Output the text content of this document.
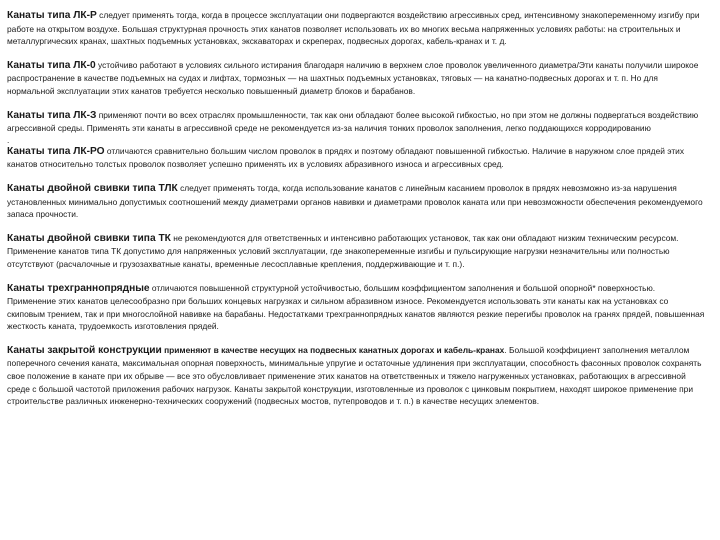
Канаты типа ЛК-Р следует применять тогда, когда в процессе эксплуатации они подвергаются воздействию агрессивных сред, интенсивному знакопеременному изгибу при работе на открытом воздухе. Большая структурная прочность этих канатов позволяет использовать их во многих весьма напряженных условиях работы: на строительных и металлургических кранах, шахтных подъемных установках, экскаваторах и скреперах, подвесных дорогах, кабель-кранах и т. д.

Канаты типа ЛК-0 устойчиво работают в условиях сильного истирания благодаря наличию в верхнем слое проволок увеличенного диаметра/Эти канаты получили широкое распространение в качестве подъемных на судах и лифтах, тормозных — на шахтных подъемных установках, тяговых — на канатно-подвесных дорогах и т. п. Но для нормальной эксплуатации этих канатов требуется несколько повышенный диаметр блоков и барабанов.

Канаты типа ЛК-З применяют почти во всех отраслях промышленности, так как они обладают более высокой гибкостью, но при этом не должны подвергаться воздействию агрессивной среды. Применять эти канаты в агрессивной среде не рекомендуется из-за наличия тонких проволок заполнения, легко поддающихся корродированию

.

Канаты типа ЛК-РО отличаются сравнительно большим числом проволок в прядях и поэтому обладают повышенной гибкостью. Наличие в наружном слое прядей этих канатов относительно толстых проволок позволяет успешно применять их в условиях абразивного износа и агрессивных сред.

Канаты двойной свивки типа ТЛК следует применять тогда, когда использование канатов с линейным касанием проволок в прядях невозможно из-за нарушения установленных минимально допустимых соотношений между диаметрами органов навивки и диаметрами проволок каната или при невозможности обеспечения рекомендуемого запаса прочности.

Канаты двойной свивки типа ТК не рекомендуются для ответственных и интенсивно работающих установок, так как они обладают низким техническим ресурсом. Применение канатов типа ТК допустимо для напряженных условий эксплуатации, где знакопеременные изгибы и пульсирующие нагрузки незначительны или полностью отсутствуют (расчалочные и грузозахватные канаты, временные лесосплавные крепления, поддерживающие и т. п.).

Канаты трехграннопрядные отличаются повышенной структурной устойчивостью, большим коэффициентом заполнения и большой опорной* поверхностью. Применение этих канатов целесообразно при больших концевых нагрузках и сильном абразивном износе. Рекомендуется использовать эти канаты как на установках со скиповым трением, так и при многослойной навивке на барабаны. Недостатками трехграннопрядных канатов являются резкие перегибы проволок на гранях прядей, повышенная жесткость каната, трудоемкость изготовления прядей.

Канаты закрытой конструкции применяют в качестве несущих на подвесных канатных дорогах и кабель-кранах. Большой коэффициент заполнения металлом поперечного сечения каната, максимальная опорная поверхность, минимальные упругие и остаточные удлинения при эксплуатации, способность фасонных проволок сохранять свое положение в канате при их обрыве — все это обусловливает применение этих канатов на ответственных и тяжело нагруженных установках, работающих в агрессивной среде с большой частотой приложения рабочих нагрузок. Канаты закрытой конструкции, изготовленные из проволок с цинковым покрытием, находят широкое применение при строительстве различных инженерно-технических сооружений (подвесных мостов, путепроводов и т. п.) в качестве несущих элементов.
